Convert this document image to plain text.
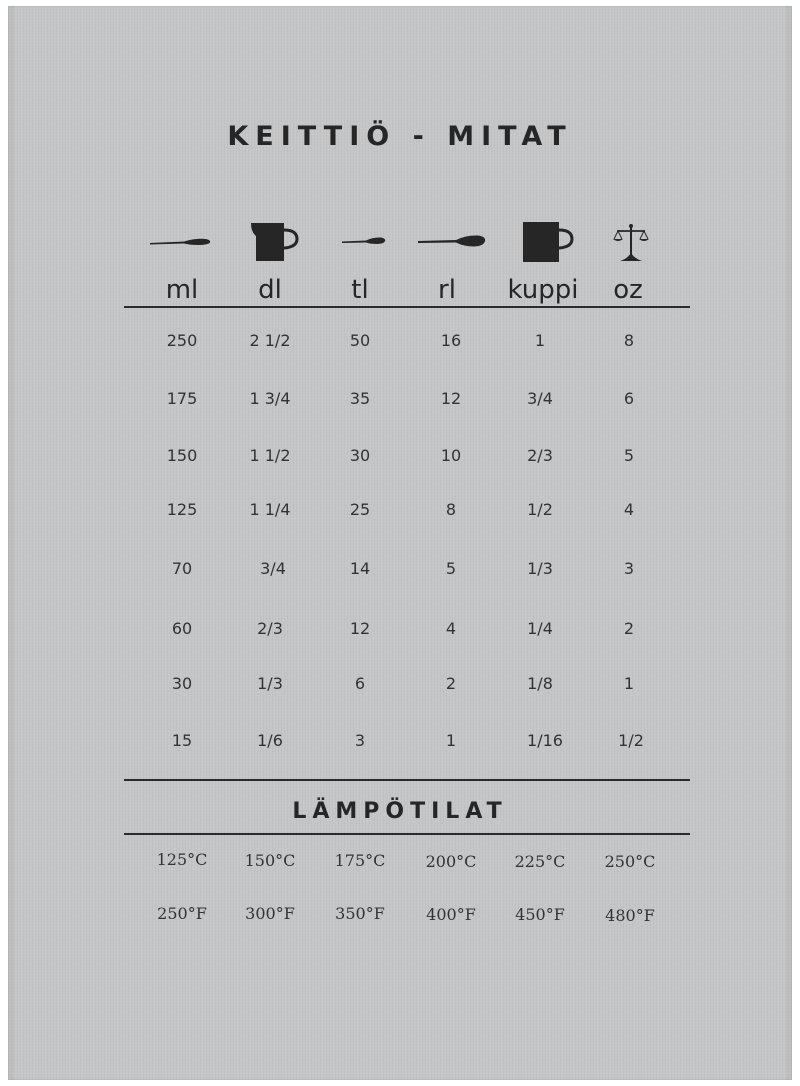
KEITTIÖ - MITAT
ml	dl	tl	rl	kuppi	oz
250	2 1/2	50	16	1	8
175	1 3/4	35	12	3/4	6
150	1 1/2	30	10	2/3	5
125	1 1/4	25	8	1/2	4
70	3/4	14	5	1/3	3
60	2/3	12	4	1/4	2
30	1/3	6	2	1/8	1
15	1/6	3	1	1/16	1/2
LÄMPÖTILAT
125°C	150°C	175°C	200°C	225°C	250°C
250°F	300°F	350°F	400°F	450°F	480°F
